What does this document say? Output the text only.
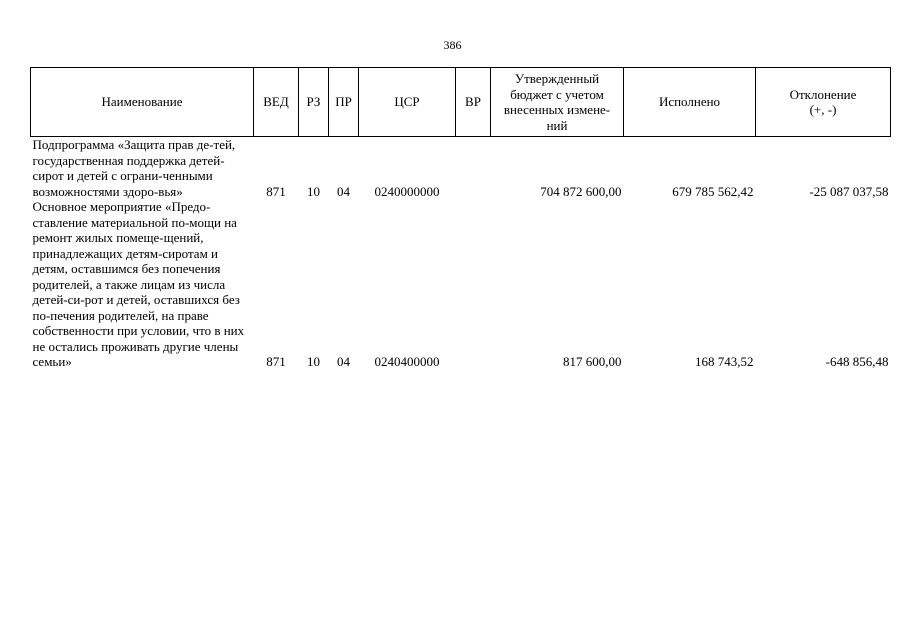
386
Наименование	ВЕД	РЗ	ПР	ЦСР	ВР	Утвержденный бюджет с учетом внесенных измене-ний	Исполнено	Отклонение
(+, -)

Подпрограмма «Защита прав де-тей, государственная поддержка детей-сирот и детей с ограни-ченными возможностями здоро-вья»	871	10	04	0240000000		704 872 600,00	679 785 562,42	-25 087 037,58
Основное мероприятие «Предо-ставление материальной по-мощи на ремонт жилых помеще-щений, принадлежащих детям-сиротам и детям, оставшимся без попечения родителей, а также лицам из числа детей-си-рот и детей, оставшихся без по-печения родителей, на праве собственности при условии, что в них не остались проживать другие члены семьи»	871	10	04	0240400000		817 600,00	168 743,52	-648 856,48
